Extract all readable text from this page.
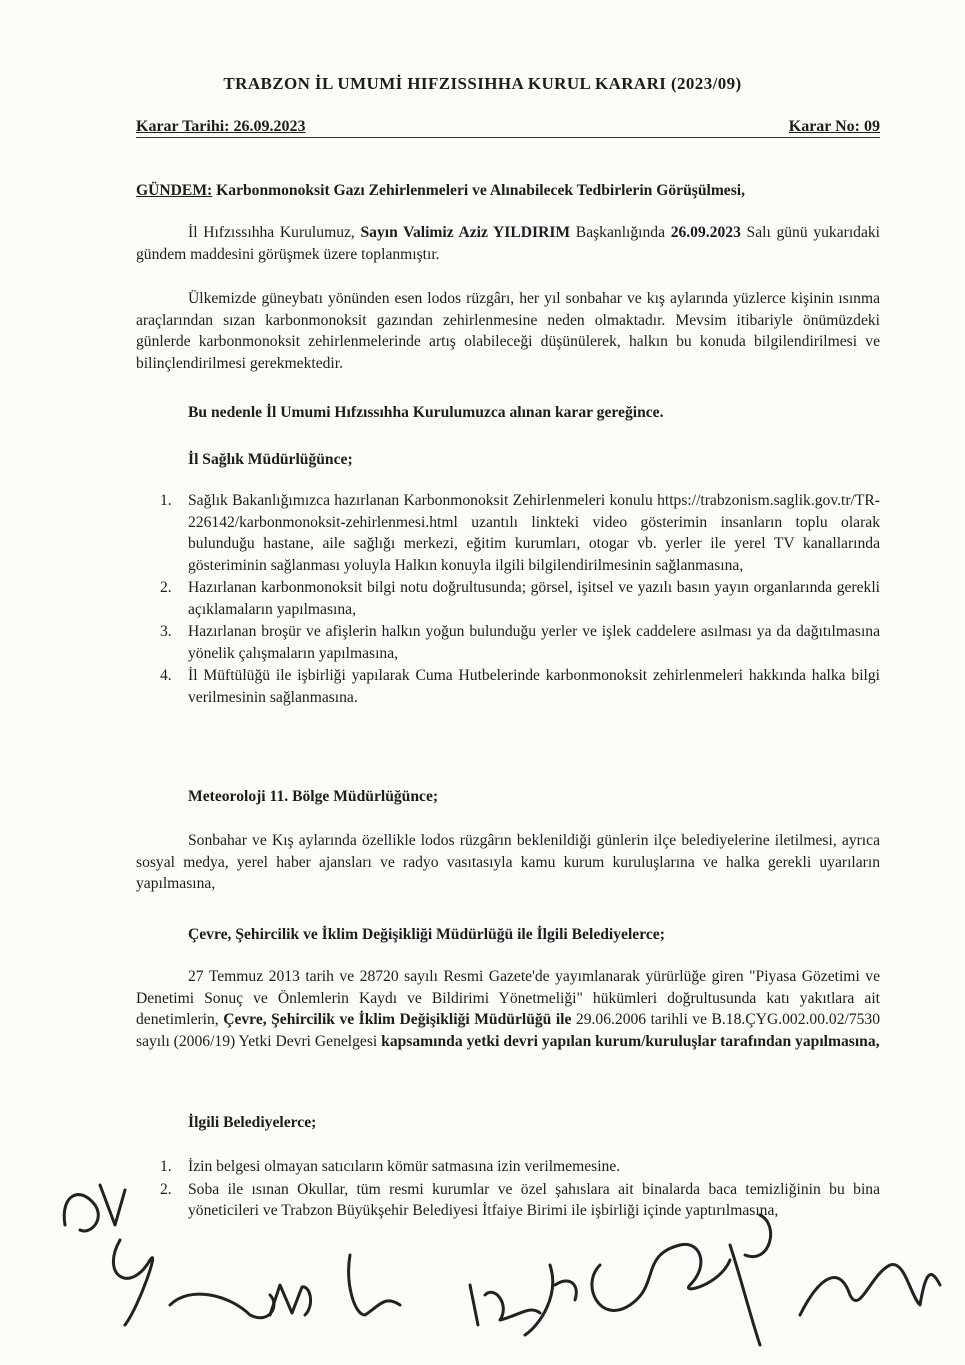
TRABZON İL UMUMİ HIFZISSIHHA KURUL KARARI (2023/09)
Karar Tarihi: 26.09.2023	Karar No: 09
GÜNDEM: Karbonmonoksit Gazı Zehirlenmeleri ve Alınabilecek Tedbirlerin Görüşülmesi,
İl Hıfzıssıhha Kurulumuz, Sayın Valimiz Aziz YILDIRIM Başkanlığında 26.09.2023 Salı günü yukarıdaki gündem maddesini görüşmek üzere toplanmıştır.
Ülkemizde güneybatı yönünden esen lodos rüzgârı, her yıl sonbahar ve kış aylarında yüzlerce kişinin ısınma araçlarından sızan karbonmonoksit gazından zehirlenmesine neden olmaktadır. Mevsim itibariyle önümüzdeki günlerde karbonmonoksit zehirlenmelerinde artış olabileceği düşünülerek, halkın bu konuda bilgilendirilmesi ve bilinçlendirilmesi gerekmektedir.
Bu nedenle İl Umumi Hıfzıssıhha Kurulumuzca alınan karar gereğince.
İl Sağlık Müdürlüğünce;
1. Sağlık Bakanlığımızca hazırlanan Karbonmonoksit Zehirlenmeleri konulu https://trabzonism.saglik.gov.tr/TR-226142/karbonmonoksit-zehirlenmesi.html uzantılı linkteki video gösterimin insanların toplu olarak bulunduğu hastane, aile sağlığı merkezi, eğitim kurumları, otogar vb. yerler ile yerel TV kanallarında gösteriminin sağlanması yoluyla Halkın konuyla ilgili bilgilendirilmesinin sağlanmasına,
2. Hazırlanan karbonmonoksit bilgi notu doğrultusunda; görsel, işitsel ve yazılı basın yayın organlarında gerekli açıklamaların yapılmasına,
3. Hazırlanan broşür ve afişlerin halkın yoğun bulunduğu yerler ve işlek caddelere asılması ya da dağıtılmasına yönelik çalışmaların yapılmasına,
4. İl Müftülüğü ile işbirliği yapılarak Cuma Hutbelerinde karbonmonoksit zehirlenmeleri hakkında halka bilgi verilmesinin sağlanmasına.
Meteoroloji 11. Bölge Müdürlüğünce;
Sonbahar ve Kış aylarında özellikle lodos rüzgârın beklenildiği günlerin ilçe belediyelerine iletilmesi, ayrıca sosyal medya, yerel haber ajansları ve radyo vasıtasıyla kamu kurum kuruluşlarına ve halka gerekli uyarıların yapılmasına,
Çevre, Şehircilik ve İklim Değişikliği Müdürlüğü ile İlgili Belediyelerce;
27 Temmuz 2013 tarih ve 28720 sayılı Resmi Gazete'de yayımlanarak yürürlüğe giren "Piyasa Gözetimi ve Denetimi Sonuç ve Önlemlerin Kaydı ve Bildirimi Yönetmeliği" hükümleri doğrultusunda katı yakıtlara ait denetimlerin, Çevre, Şehircilik ve İklim Değişikliği Müdürlüğü ile 29.06.2006 tarihli ve B.18.ÇYG.002.00.02/7530 sayılı (2006/19) Yetki Devri Genelgesi kapsamında yetki devri yapılan kurum/kuruluşlar tarafından yapılmasına,
İlgili Belediyelerce;
1. İzin belgesi olmayan satıcıların kömür satmasına izin verilmemesine.
2. Soba ile ısınan Okullar, tüm resmi kurumlar ve özel şahıslara ait binalarda baca temizliğinin bu bina yöneticileri ve Trabzon Büyükşehir Belediyesi İtfaiye Birimi ile işbirliği içinde yaptırılmasına,
